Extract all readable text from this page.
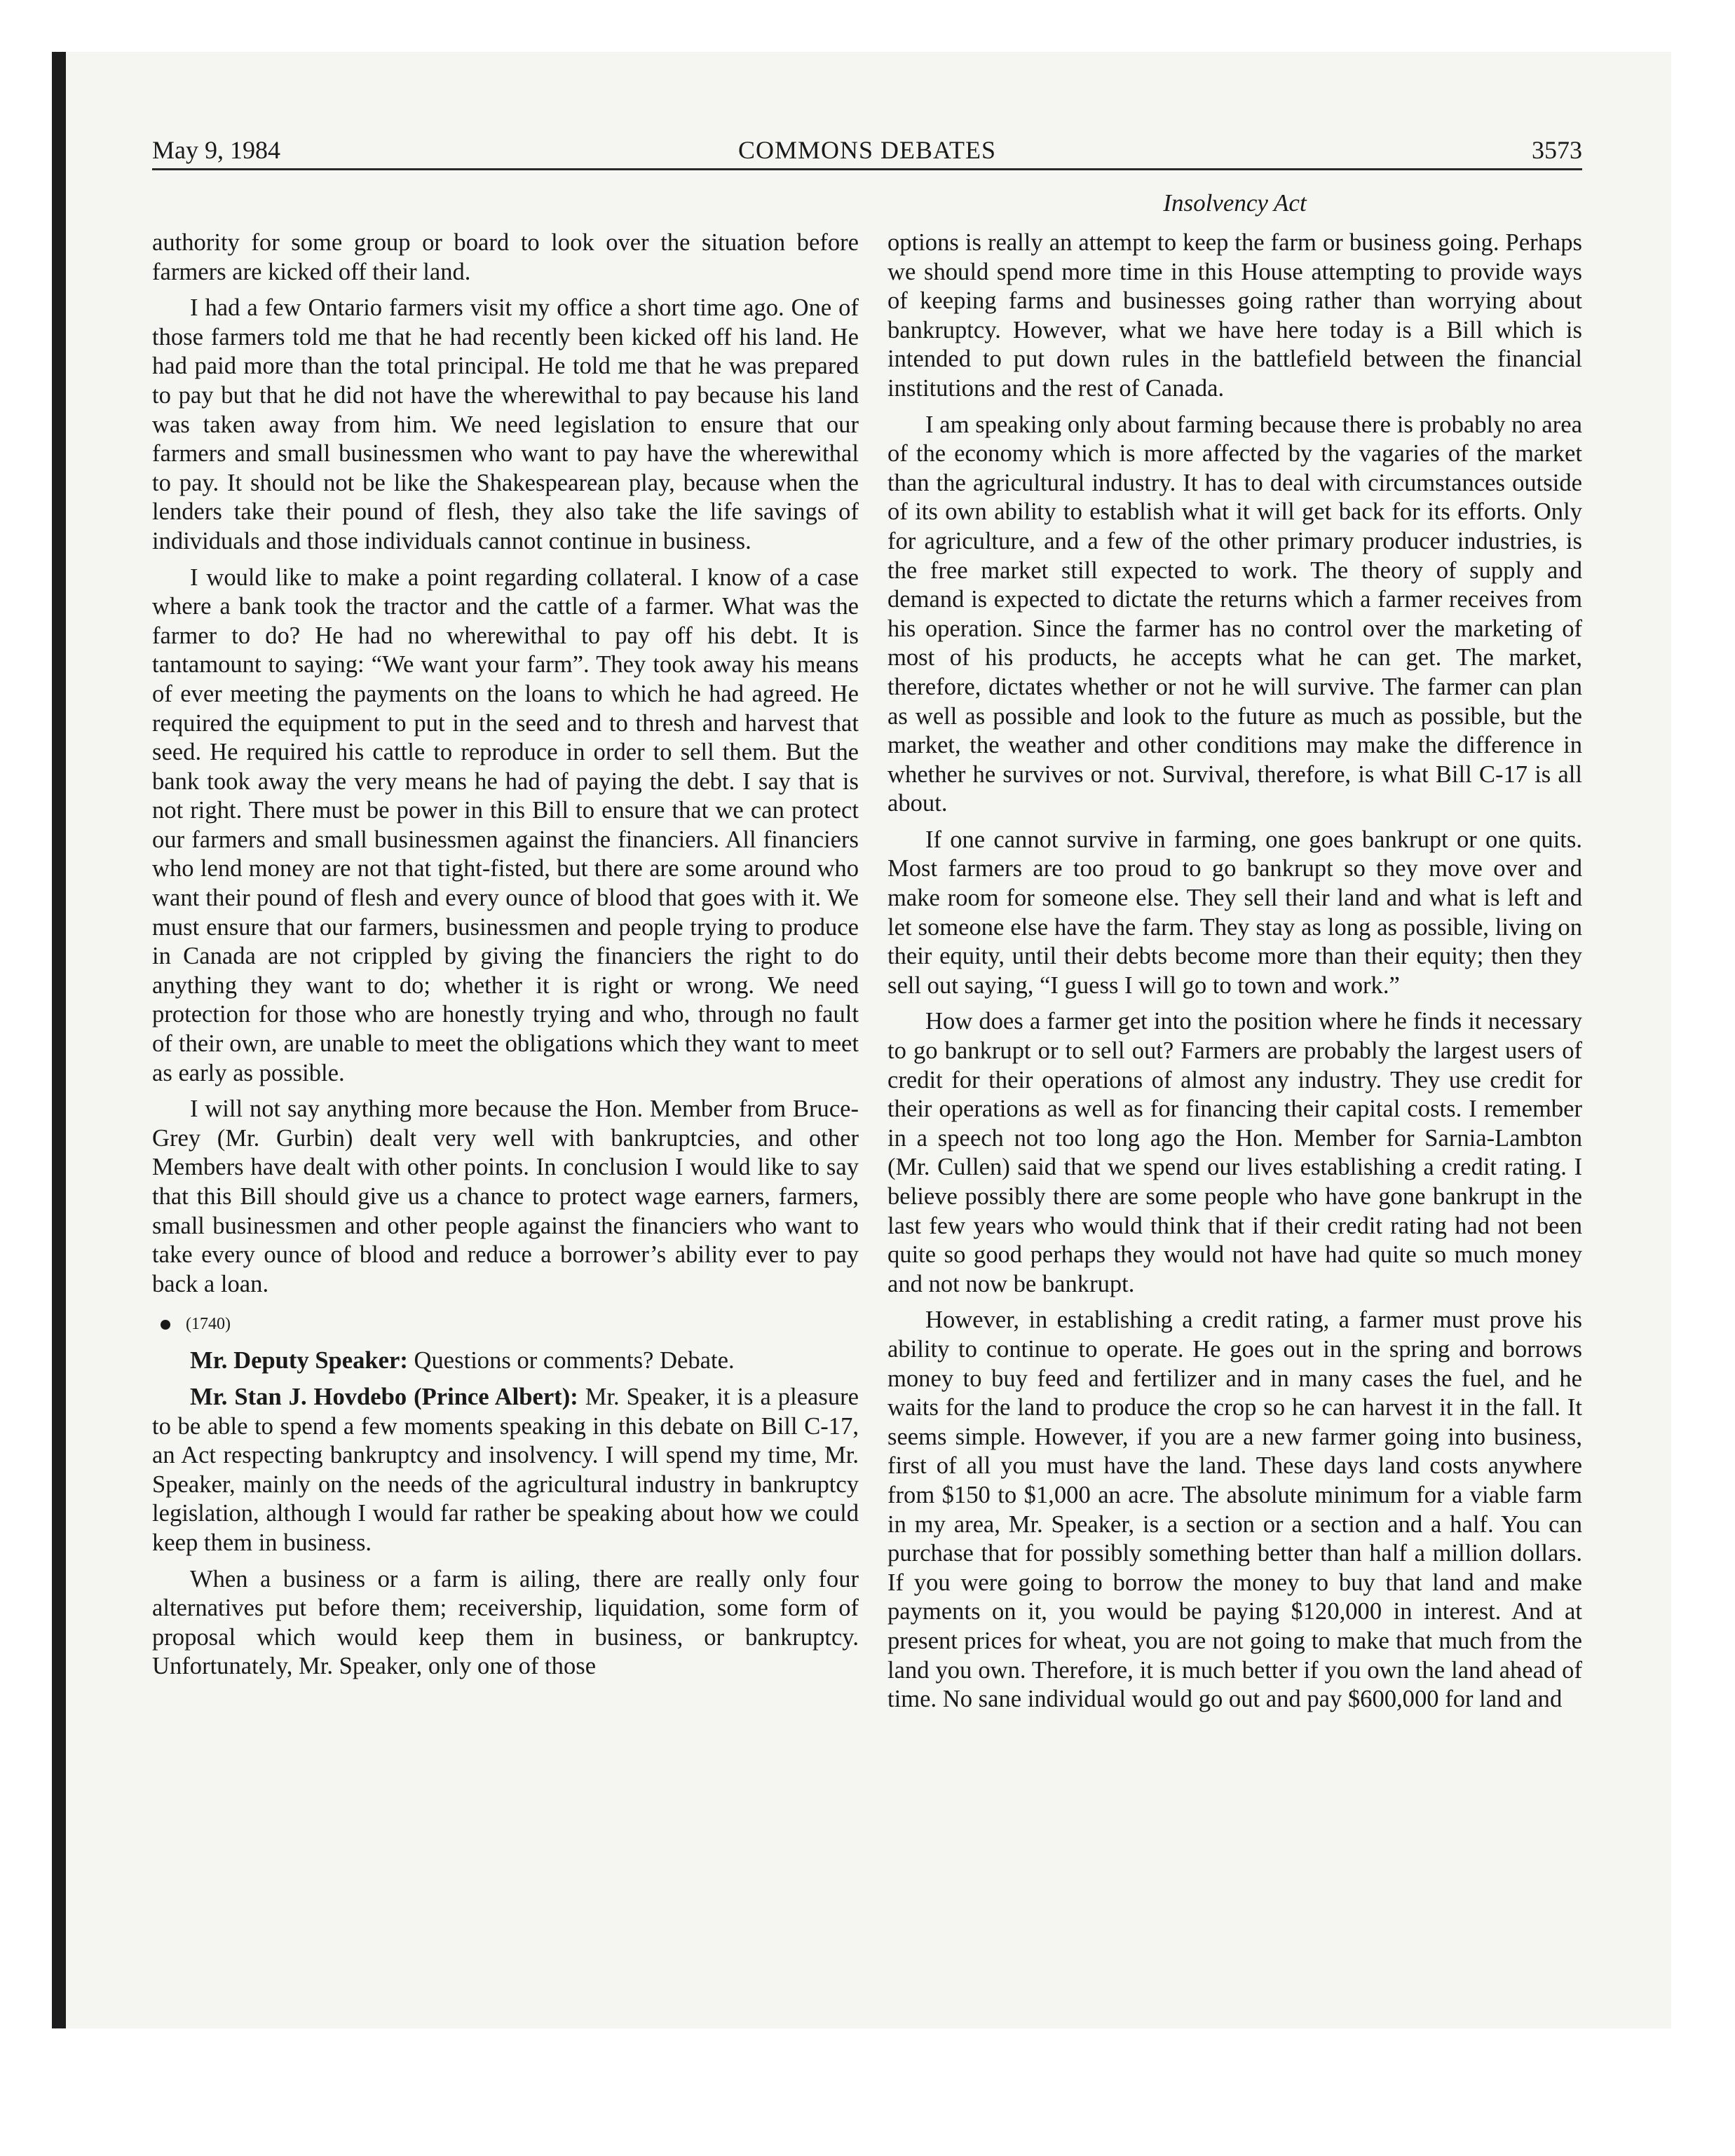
May 9, 1984	COMMONS DEBATES	3573
Insolvency Act

authority for some group or board to look over the situation before farmers are kicked off their land.

I had a few Ontario farmers visit my office a short time ago. One of those farmers told me that he had recently been kicked off his land. He had paid more than the total principal. He told me that he was prepared to pay but that he did not have the wherewithal to pay because his land was taken away from him. We need legislation to ensure that our farmers and small businessmen who want to pay have the wherewithal to pay. It should not be like the Shakespearean play, because when the lenders take their pound of flesh, they also take the life savings of individuals and those individuals cannot continue in business.

I would like to make a point regarding collateral. I know of a case where a bank took the tractor and the cattle of a farmer. What was the farmer to do? He had no wherewithal to pay off his debt. It is tantamount to saying: “We want your farm”. They took away his means of ever meeting the payments on the loans to which he had agreed. He required the equipment to put in the seed and to thresh and harvest that seed. He required his cattle to reproduce in order to sell them. But the bank took away the very means he had of paying the debt. I say that is not right. There must be power in this Bill to ensure that we can protect our farmers and small businessmen against the financiers. All financiers who lend money are not that tight-fisted, but there are some around who want their pound of flesh and every ounce of blood that goes with it. We must ensure that our farmers, businessmen and people trying to produce in Canada are not crippled by giving the financiers the right to do anything they want to do; whether it is right or wrong. We need protection for those who are honestly trying and who, through no fault of their own, are unable to meet the obligations which they want to meet as early as possible.

I will not say anything more because the Hon. Member from Bruce-Grey (Mr. Gurbin) dealt very well with bankruptcies, and other Members have dealt with other points. In conclusion I would like to say that this Bill should give us a chance to protect wage earners, farmers, small businessmen and other people against the financiers who want to take every ounce of blood and reduce a borrower’s ability ever to pay back a loan.

(1740)

Mr. Deputy Speaker: Questions or comments? Debate.

Mr. Stan J. Hovdebo (Prince Albert): Mr. Speaker, it is a pleasure to be able to spend a few moments speaking in this debate on Bill C-17, an Act respecting bankruptcy and insolvency. I will spend my time, Mr. Speaker, mainly on the needs of the agricultural industry in bankruptcy legislation, although I would far rather be speaking about how we could keep them in business.

When a business or a farm is ailing, there are really only four alternatives put before them; receivership, liquidation, some form of proposal which would keep them in business, or bankruptcy. Unfortunately, Mr. Speaker, only one of those

options is really an attempt to keep the farm or business going. Perhaps we should spend more time in this House attempting to provide ways of keeping farms and businesses going rather than worrying about bankruptcy. However, what we have here today is a Bill which is intended to put down rules in the battlefield between the financial institutions and the rest of Canada.

I am speaking only about farming because there is probably no area of the economy which is more affected by the vagaries of the market than the agricultural industry. It has to deal with circumstances outside of its own ability to establish what it will get back for its efforts. Only for agriculture, and a few of the other primary producer industries, is the free market still expected to work. The theory of supply and demand is expected to dictate the returns which a farmer receives from his operation. Since the farmer has no control over the marketing of most of his products, he accepts what he can get. The market, therefore, dictates whether or not he will survive. The farmer can plan as well as possible and look to the future as much as possible, but the market, the weather and other conditions may make the difference in whether he survives or not. Survival, therefore, is what Bill C-17 is all about.

If one cannot survive in farming, one goes bankrupt or one quits. Most farmers are too proud to go bankrupt so they move over and make room for someone else. They sell their land and what is left and let someone else have the farm. They stay as long as possible, living on their equity, until their debts become more than their equity; then they sell out saying, “I guess I will go to town and work.”

How does a farmer get into the position where he finds it necessary to go bankrupt or to sell out? Farmers are probably the largest users of credit for their operations of almost any industry. They use credit for their operations as well as for financing their capital costs. I remember in a speech not too long ago the Hon. Member for Sarnia-Lambton (Mr. Cullen) said that we spend our lives establishing a credit rating. I believe possibly there are some people who have gone bankrupt in the last few years who would think that if their credit rating had not been quite so good perhaps they would not have had quite so much money and not now be bankrupt.

However, in establishing a credit rating, a farmer must prove his ability to continue to operate. He goes out in the spring and borrows money to buy feed and fertilizer and in many cases the fuel, and he waits for the land to produce the crop so he can harvest it in the fall. It seems simple. However, if you are a new farmer going into business, first of all you must have the land. These days land costs anywhere from $150 to $1,000 an acre. The absolute minimum for a viable farm in my area, Mr. Speaker, is a section or a section and a half. You can purchase that for possibly something better than half a million dollars. If you were going to borrow the money to buy that land and make payments on it, you would be paying $120,000 in interest. And at present prices for wheat, you are not going to make that much from the land you own. Therefore, it is much better if you own the land ahead of time. No sane individual would go out and pay $600,000 for land and
